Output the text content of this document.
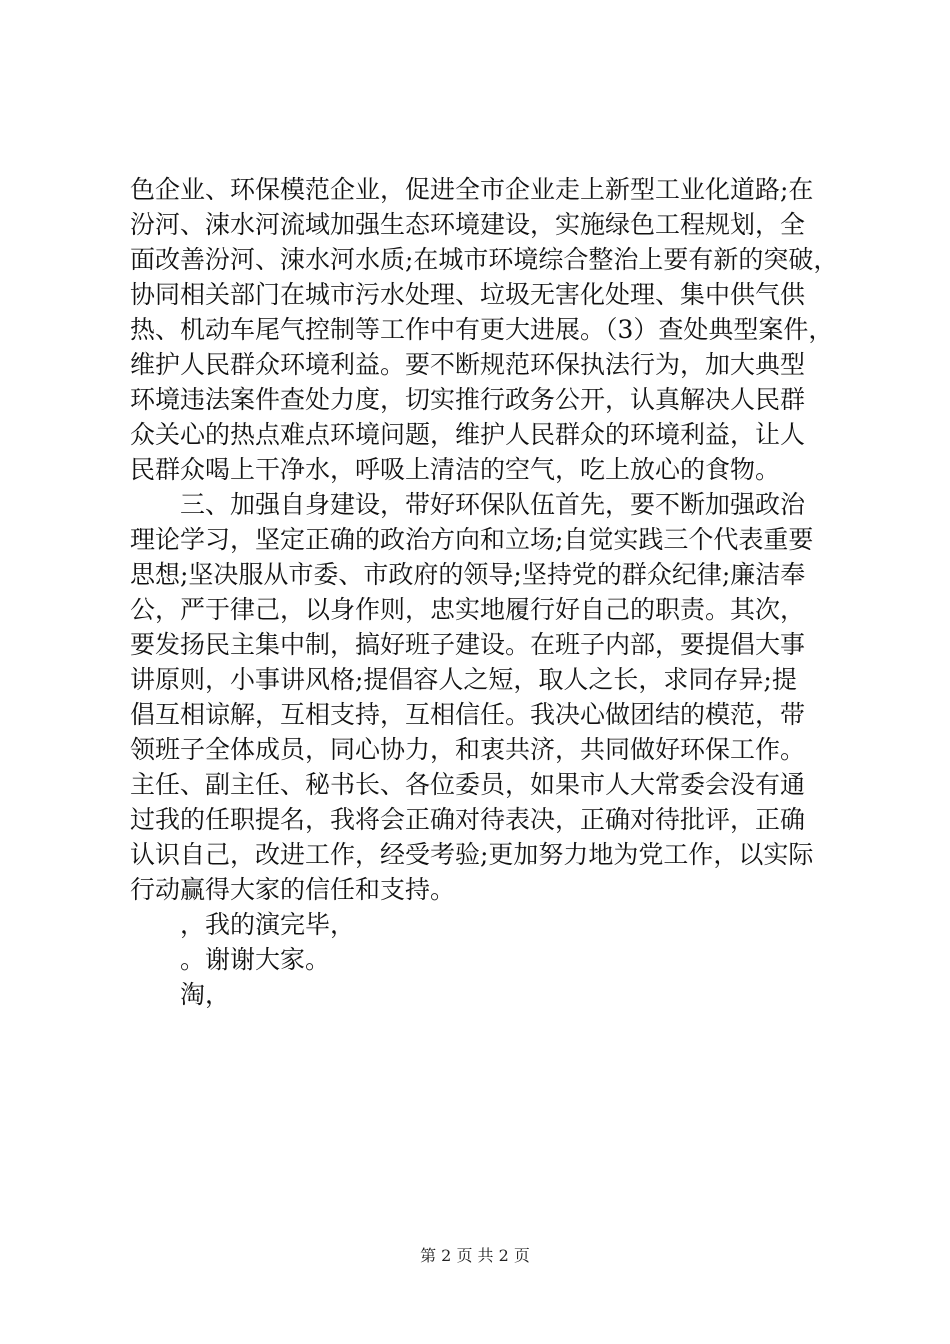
色企业、环保模范企业，促进全市企业走上新型工业化道路;在
汾河、涑水河流域加强生态环境建设，实施绿色工程规划，全
面改善汾河、涑水河水质;在城市环境综合整治上要有新的突破，
协同相关部门在城市污水处理、垃圾无害化处理、集中供气供
热、机动车尾气控制等工作中有更大进展。（3）查处典型案件，
维护人民群众环境利益。要不断规范环保执法行为，加大典型
环境违法案件查处力度，切实推行政务公开，认真解决人民群
众关心的热点难点环境问题，维护人民群众的环境利益，让人
民群众喝上干净水，呼吸上清洁的空气，吃上放心的食物。
三、加强自身建设，带好环保队伍首先，要不断加强政治
理论学习，坚定正确的政治方向和立场;自觉实践三个代表重要
思想;坚决服从市委、市政府的领导;坚持党的群众纪律;廉洁奉
公，严于律己，以身作则，忠实地履行好自己的职责。其次，
要发扬民主集中制，搞好班子建设。在班子内部，要提倡大事
讲原则，小事讲风格;提倡容人之短，取人之长，求同存异;提
倡互相谅解，互相支持，互相信任。我决心做团结的模范，带
领班子全体成员，同心协力，和衷共济，共同做好环保工作。
主任、副主任、秘书长、各位委员，如果市人大常委会没有通
过我的任职提名，我将会正确对待表决，正确对待批评，正确
认识自己，改进工作，经受考验;更加努力地为党工作，以实际
行动赢得大家的信任和支持。
，我的演完毕，
。谢谢大家。
淘，
第 2 页 共 2 页
